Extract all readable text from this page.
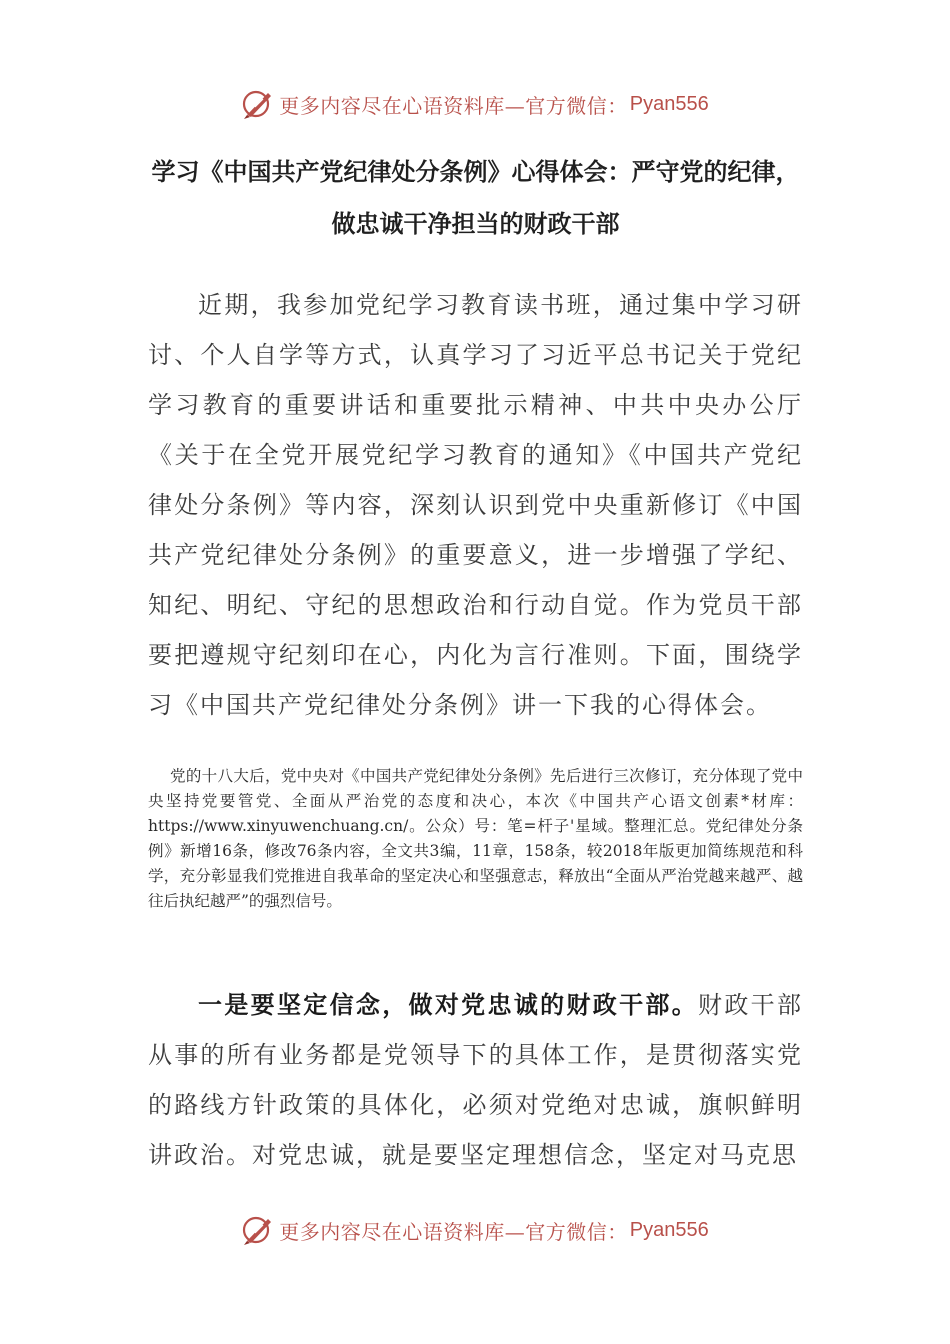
更多内容尽在心语资料库—官方微信： Pyan556
学习《中国共产党纪律处分条例》心得体会：严守党的纪律，做忠诚干净担当的财政干部

近期，我参加党纪学习教育读书班，通过集中学习研讨、个人自学等方式，认真学习了习近平总书记关于党纪学习教育的重要讲话和重要批示精神、中共中央办公厅《关于在全党开展党纪学习教育的通知》《中国共产党纪律处分条例》等内容，深刻认识到党中央重新修订《中国共产党纪律处分条例》的重要意义，进一步增强了学纪、知纪、明纪、守纪的思想政治和行动自觉。作为党员干部要把遵规守纪刻印在心，内化为言行准则。下面，围绕学习《中国共产党纪律处分条例》讲一下我的心得体会。

党的十八大后，党中央对《中国共产党纪律处分条例》先后进行三次修订，充分体现了党中央坚持党要管党、全面从严治党的态度和决心，本次《中国共产心语文创素*材库：https://www.xinyuwenchuang.cn/。公众）号：笔=杆子'星域。整理汇总。党纪律处分条例》新增16条，修改76条内容，全文共3编，11章，158条，较2018年版更加简练规范和科学，充分彰显我们党推进自我革命的坚定决心和坚强意志，释放出“全面从严治党越来越严、越往后执纪越严”的强烈信号。

一是要坚定信念，做对党忠诚的财政干部。财政干部从事的所有业务都是党领导下的具体工作，是贯彻落实党的路线方针政策的具体化，必须对党绝对忠诚，旗帜鲜明讲政治。对党忠诚，就是要坚定理想信念，坚定对马克思

更多内容尽在心语资料库—官方微信： Pyan556
